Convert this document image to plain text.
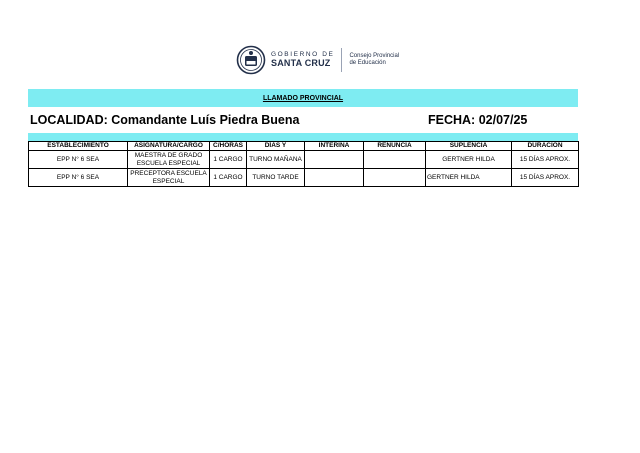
GOBIERNO DE
SANTA CRUZ
Consejo Provincial
de Educación
LLAMADO PROVINCIAL
LOCALIDAD: Comandante Luís Piedra Buena	FECHA: 02/07/25
ESTABLECIMIENTO	ASIGNATURA/CARGO	C/HORAS	DÍAS Y	INTERINA	RENUNCIA	SUPLENCIA	DURACIÓN
EPP N° 6 SEA	MAESTRA DE GRADO ESCUELA ESPECIAL	1 CARGO	TURNO MAÑANA			GERTNER HILDA	15 DÍAS APROX.
EPP N° 6 SEA	PRECEPTORA ESCUELA ESPECIAL	1 CARGO	TURNO TARDE			GERTNER HILDA	15 DÍAS APROX.
